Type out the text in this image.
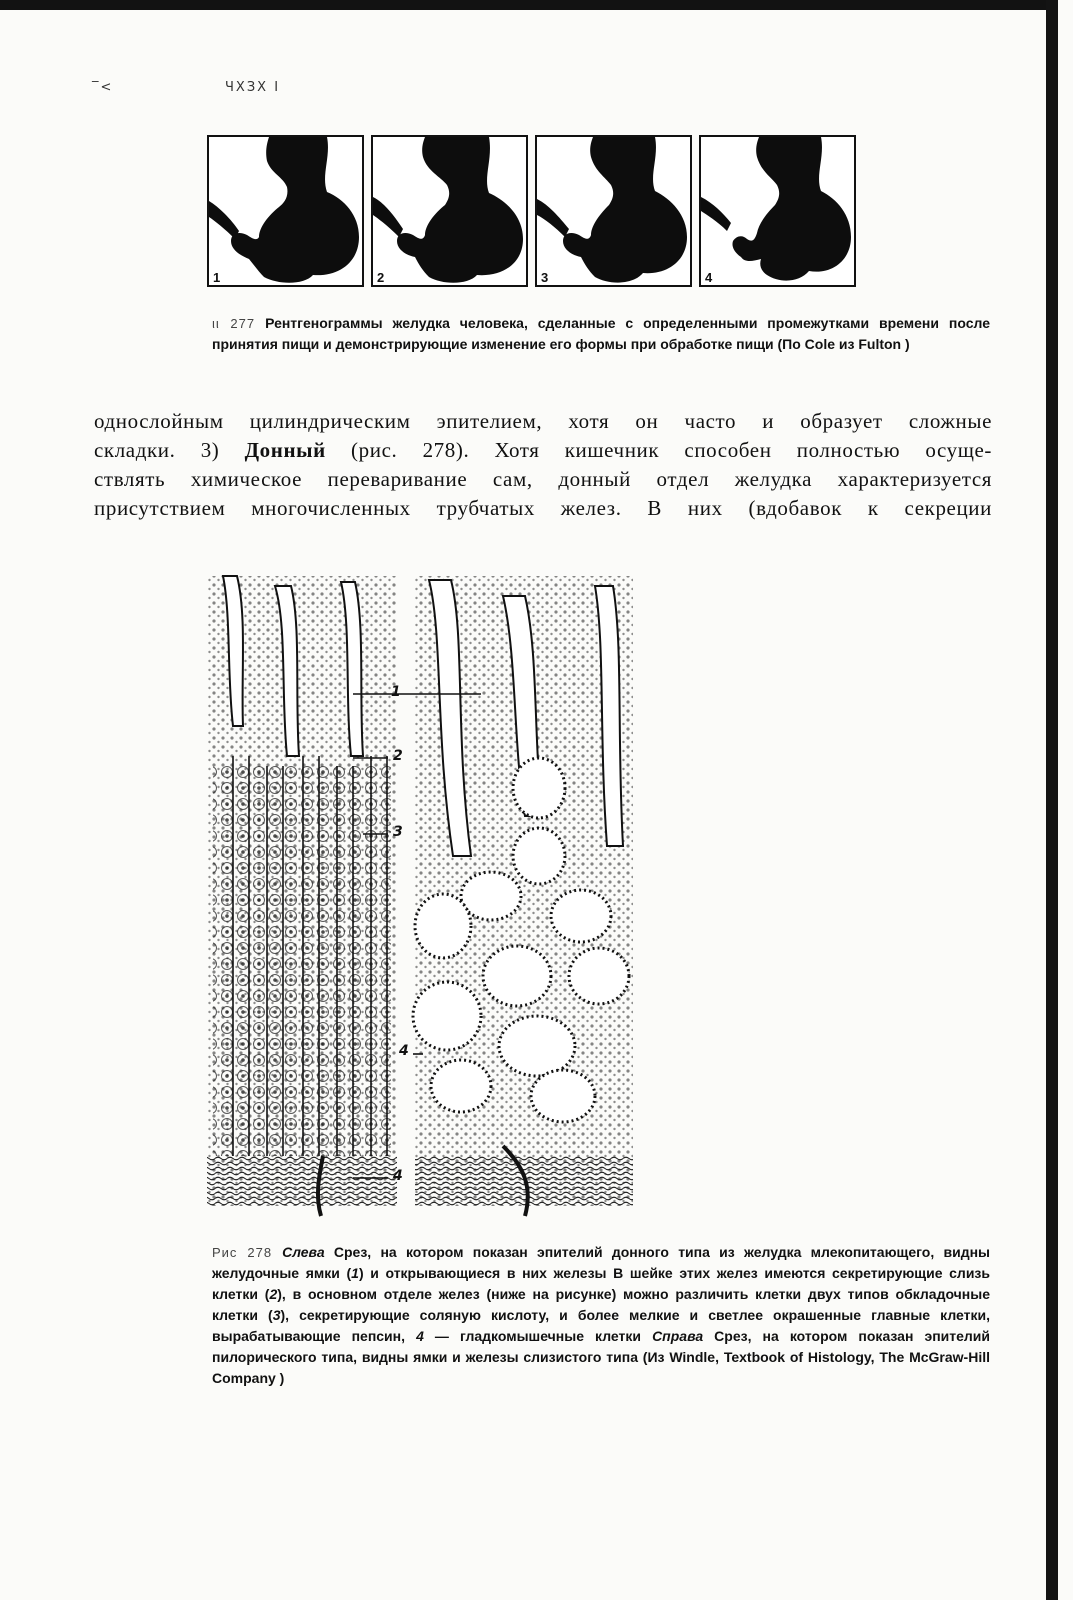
‾<	ЧХЗХ I
1	2	3	4
ιι 277 Рентгенограммы желудка человека, сделанные с определенными промежутками времени после принятия пищи и демонстрирующие изменение его формы при обработке пищи (По Cole из Fulton )

однослойным цилиндрическим эпителием, хотя он часто и образует сложные

складки. 3) Донный (рис. 278). Хотя кишечник способен полностью осуще-

ствлять химическое переваривание сам, донный отдел желудка характеризуется

присутствием многочисленных трубчатых желез. В них (вдобавок к секреции

1
2
3
4
4
Рис 278 Слева Срез, на котором показан эпителий донного типа из желудка млекопитающего, видны желудочные ямки (1) и открывающиеся в них железы В шейке этих желез имеются секретирующие слизь клетки (2), в основном отделе желез (ниже на рисунке) можно различить клетки двух типов обкладочные клетки (3), секретирующие соляную кислоту, и более мелкие и светлее окрашенные главные клетки, вырабатывающие пепсин, 4 — гладкомышечные клетки Справа Срез, на котором показан эпителий пилорического типа, видны ямки и железы слизистого типа (Из Windle, Textbook of Histology, The McGraw-Hill Company )
